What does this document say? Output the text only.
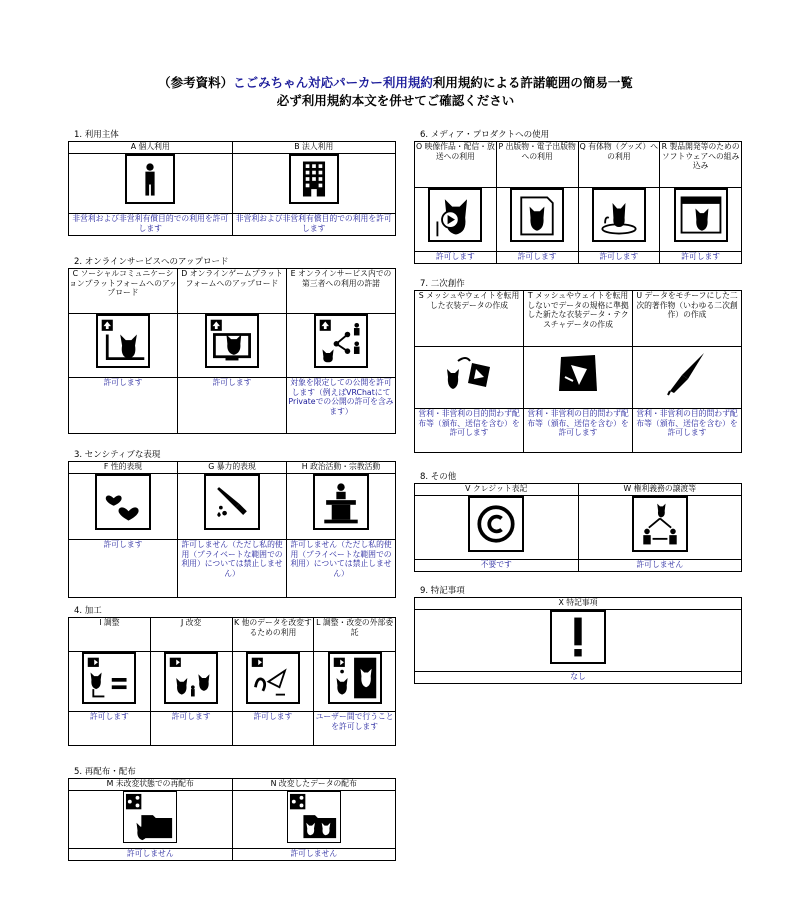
（参考資料）こごみちゃん対応パーカー利用規約利用規約による許諾範囲の簡易一覧
必ず利用規約本文を併せてご確認ください
1. 利用主体
A 個人利用	B 法人利用

非営利および非営利有償目的での利用を許可します	非営利および非営利有償目的での利用を許可します
2. オンラインサービスへのアップロード
C ソーシャルコミュニケーションプラットフォームへのアップロード	D オンラインゲームプラットフォームへのアップロード	E オンラインサービス内での第三者への利用の許諾

許可します	許可します	対象を限定しての公開を許可します（例えばVRChatにてPrivateでの公開の許可を含みます）
3. センシティブな表現
F 性的表現	G 暴力的表現	H 政治活動・宗教活動

許可します	許可しません（ただし私的使用（プライベートな範囲での利用）については禁止しません）	許可しません（ただし私的使用（プライベートな範囲での利用）については禁止しません）
4. 加工
I 調整	J 改変	K 他のデータを改変するための利用	L 調整・改変の外部委託

許可します	許可します	許可します	ユーザー間で行うことを許可します
5. 再配布・配布
M 未改変状態での再配布	N 改変したデータの配布

許可しません	許可しません
6. メディア・プロダクトへの使用
O 映像作品・配信・放送への利用	P 出版物・電子出版物への利用	Q 有体物（グッズ）への利用	R 製品開発等のためのソフトウェアへの組み込み

許可します	許可します	許可します	許可します
7. 二次創作
S メッシュやウェイトを転用した衣装データの作成	T メッシュやウェイトを転用しないでデータの規格に準拠した新たな衣装データ・テクスチャデータの作成	U データをモチーフにした二次的著作物（いわゆる二次創作）の作成

営利・非営利の目的問わず配布等（頒布、送信を含む）を許可します	営利・非営利の目的問わず配布等（頒布、送信を含む）を許可します	営利・非営利の目的問わず配布等（頒布、送信を含む）を許可します
8. その他
V クレジット表記	W 権利義務の譲渡等

不要です	許可しません
9. 特記事項
X 特記事項

なし
